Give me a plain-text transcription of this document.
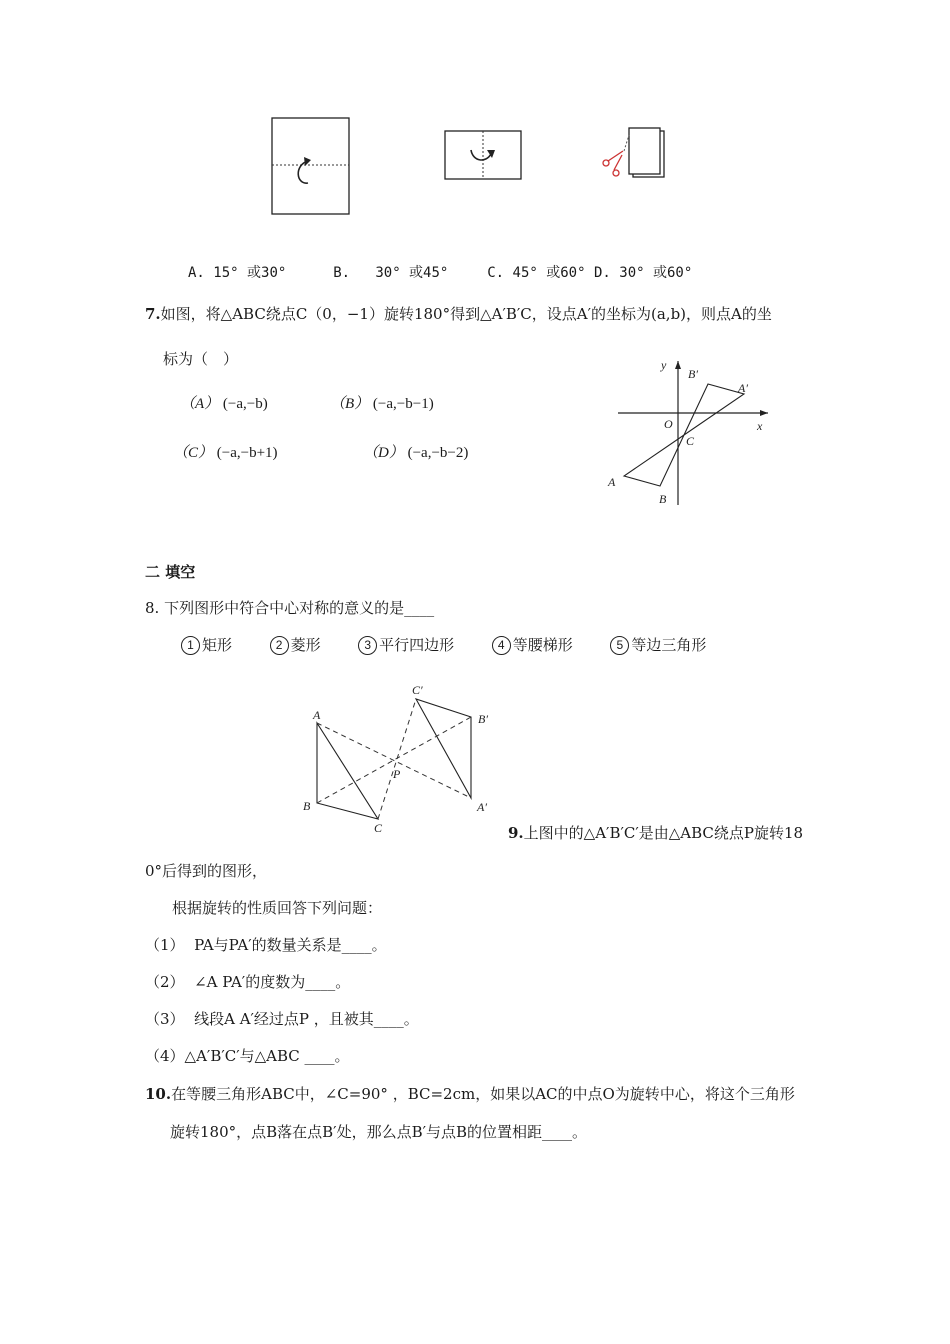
A. 15° 或30°	B. 30° 或45°	C. 45° 或60° D. 30° 或60°
7.如图，将△ABC绕点C（0，−1）旋转180°得到△A′B′C，设点A′的坐标为(a,b)，则点A的坐
标为（　）
（A） (−a,−b)	（B） (−a,−b−1)
（C） (−a,−b+1)	（D） (−a,−b−2)
y
x
O
C
A
B
B′
A′
二 填空
8. 下列图形中符合中心对称的意义的是____
1 矩形	2 菱形	3 平行四边形	4 等腰梯形	5 等边三角形
A
B
C
P
A′
B′
C′
9.上图中的△A′B′C′是由△ABC绕点P旋转18
0°后得到的图形，
根据旋转的性质回答下列问题：
（1） PA与PA′的数量关系是____。
（2） ∠A PA′的度数为____。
（3） 线段A A′经过点P ，且被其____。
（4）△A′B′C′与△ABC ____。
10.在等腰三角形ABC中，∠C=90° ，BC=2cm，如果以AC的中点O为旋转中心，将这个三角形
旋转180°，点B落在点B′处，那么点B′与点B的位置相距____。
